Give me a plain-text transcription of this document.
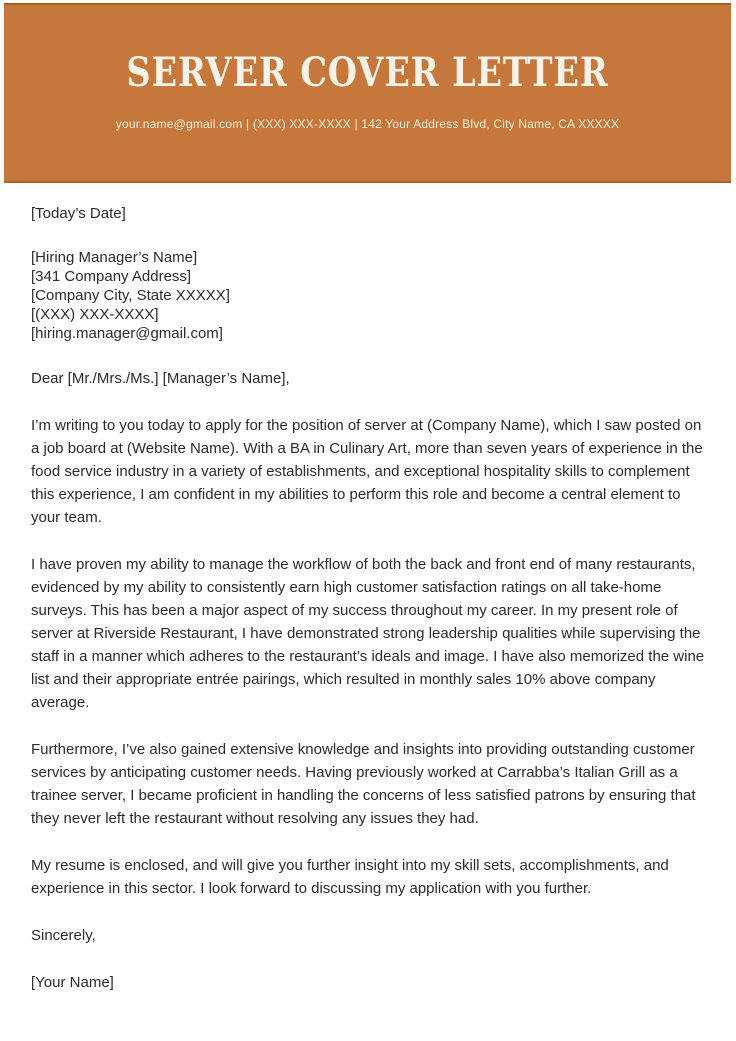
SERVER COVER LETTER
your.name@gmail.com | (XXX) XXX-XXXX | 142 Your Address Blvd, City Name, CA XXXXX

[Today’s Date]

[Hiring Manager’s Name]

[341 Company Address]

[Company City, State XXXXX]

[(XXX) XXX-XXXX]

[hiring.manager@gmail.com]

Dear [Mr./Mrs./Ms.] [Manager’s Name],

I’m writing to you today to apply for the position of server at (Company Name), which I saw posted on a job board at (Website Name). With a BA in Culinary Art, more than seven years of experience in the food service industry in a variety of establishments, and exceptional hospitality skills to complement this experience, I am confident in my abilities to perform this role and become a central element to your team.

I have proven my ability to manage the workflow of both the back and front end of many restaurants, evidenced by my ability to consistently earn high customer satisfaction ratings on all take-home surveys. This has been a major aspect of my success throughout my career. In my present role of server at Riverside Restaurant, I have demonstrated strong leadership qualities while supervising the staff in a manner which adheres to the restaurant’s ideals and image. I have also memorized the wine list and their appropriate entrée pairings, which resulted in monthly sales 10% above company average.

Furthermore, I’ve also gained extensive knowledge and insights into providing outstanding customer services by anticipating customer needs. Having previously worked at Carrabba’s Italian Grill as a trainee server, I became proficient in handling the concerns of less satisfied patrons by ensuring that they never left the restaurant without resolving any issues they had.

My resume is enclosed, and will give you further insight into my skill sets, accomplishments, and experience in this sector. I look forward to discussing my application with you further.

Sincerely,

[Your Name]
